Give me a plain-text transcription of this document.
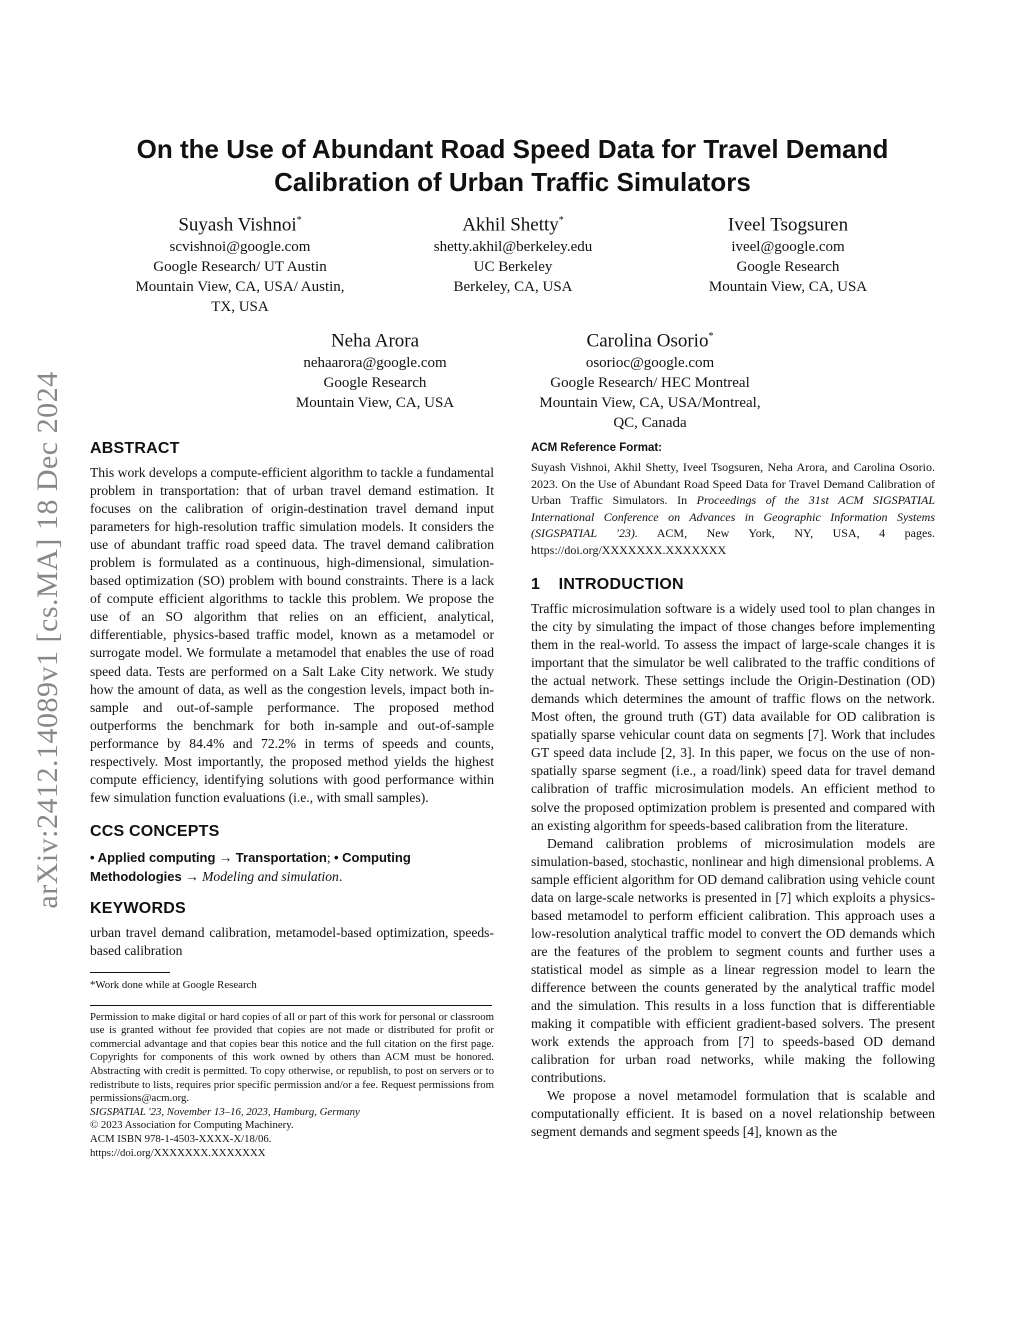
arXiv:2412.14089v1 [cs.MA] 18 Dec 2024
On the Use of Abundant Road Speed Data for Travel Demand
Calibration of Urban Traffic Simulators
Suyash Vishnoi*
scvishnoi@google.com
Google Research/ UT Austin
Mountain View, CA, USA/ Austin,
TX, USA
Akhil Shetty*
shetty.akhil@berkeley.edu
UC Berkeley
Berkeley, CA, USA
Iveel Tsogsuren
iveel@google.com
Google Research
Mountain View, CA, USA
Neha Arora
nehaarora@google.com
Google Research
Mountain View, CA, USA
Carolina Osorio*
osorioc@google.com
Google Research/ HEC Montreal
Mountain View, CA, USA/Montreal,
QC, Canada
ABSTRACT

This work develops a compute-efficient algorithm to tackle a fundamental problem in transportation: that of urban travel demand estimation. It focuses on the calibration of origin-destination travel demand input parameters for high-resolution traffic simulation models. It considers the use of abundant traffic road speed data. The travel demand calibration problem is formulated as a continuous, high-dimensional, simulation-based optimization (SO) problem with bound constraints. There is a lack of compute efficient algorithms to tackle this problem. We propose the use of an SO algorithm that relies on an efficient, analytical, differentiable, physics-based traffic model, known as a metamodel or surrogate model. We formulate a metamodel that enables the use of road speed data. Tests are performed on a Salt Lake City network. We study how the amount of data, as well as the congestion levels, impact both in-sample and out-of-sample performance. The proposed method outperforms the benchmark for both in-sample and out-of-sample performance by 84.4% and 72.2% in terms of speeds and counts, respectively. Most importantly, the proposed method yields the highest compute efficiency, identifying solutions with good performance within few simulation function evaluations (i.e., with small samples).

CCS CONCEPTS

• Applied computing → Transportation; • Computing Methodologies → Modeling and simulation.

KEYWORDS

urban travel demand calibration, metamodel-based optimization, speeds-based calibration

*Work done while at Google Research

Permission to make digital or hard copies of all or part of this work for personal or classroom use is granted without fee provided that copies are not made or distributed for profit or commercial advantage and that copies bear this notice and the full citation on the first page. Copyrights for components of this work owned by others than ACM must be honored. Abstracting with credit is permitted. To copy otherwise, or republish, to post on servers or to redistribute to lists, requires prior specific permission and/or a fee. Request permissions from permissions@acm.org.

SIGSPATIAL '23, November 13–16, 2023, Hamburg, Germany

© 2023 Association for Computing Machinery.

ACM ISBN 978-1-4503-XXXX-X/18/06.

https://doi.org/XXXXXXX.XXXXXXX

ACM Reference Format:

Suyash Vishnoi, Akhil Shetty, Iveel Tsogsuren, Neha Arora, and Carolina Osorio. 2023. On the Use of Abundant Road Speed Data for Travel Demand Calibration of Urban Traffic Simulators. In Proceedings of the 31st ACM SIGSPATIAL International Conference on Advances in Geographic Information Systems (SIGSPATIAL '23). ACM, New York, NY, USA, 4 pages. https://doi.org/XXXXXXX.XXXXXXX

1    INTRODUCTION

Traffic microsimulation software is a widely used tool to plan changes in the city by simulating the impact of those changes before implementing them in the real-world. To assess the impact of large-scale changes it is important that the simulator be well calibrated to the traffic conditions of the actual network. These settings include the Origin-Destination (OD) demands which determines the amount of traffic flows on the network. Most often, the ground truth (GT) data available for OD calibration is spatially sparse vehicular count data on segments [7]. Work that includes GT speed data include [2, 3]. In this paper, we focus on the use of non-spatially sparse segment (i.e., a road/link) speed data for travel demand calibration of traffic microsimulation models. An efficient method to solve the proposed optimization problem is presented and compared with an existing algorithm for speeds-based calibration from the literature.

Demand calibration problems of microsimulation models are simulation-based, stochastic, nonlinear and high dimensional problems. A sample efficient algorithm for OD demand calibration using vehicle count data on large-scale networks is presented in [7] which exploits a physics-based metamodel to perform efficient calibration. This approach uses a low-resolution analytical traffic model to convert the OD demands which are the features of the problem to segment counts and further uses a statistical model as simple as a linear regression model to learn the difference between the counts generated by the analytical traffic model and the simulation. This results in a loss function that is differentiable making it compatible with efficient gradient-based solvers. The present work extends the approach from [7] to speeds-based OD demand calibration for urban road networks, while making the following contributions.

We propose a novel metamodel formulation that is scalable and computationally efficient. It is based on a novel relationship between segment demands and segment speeds [4], known as the
